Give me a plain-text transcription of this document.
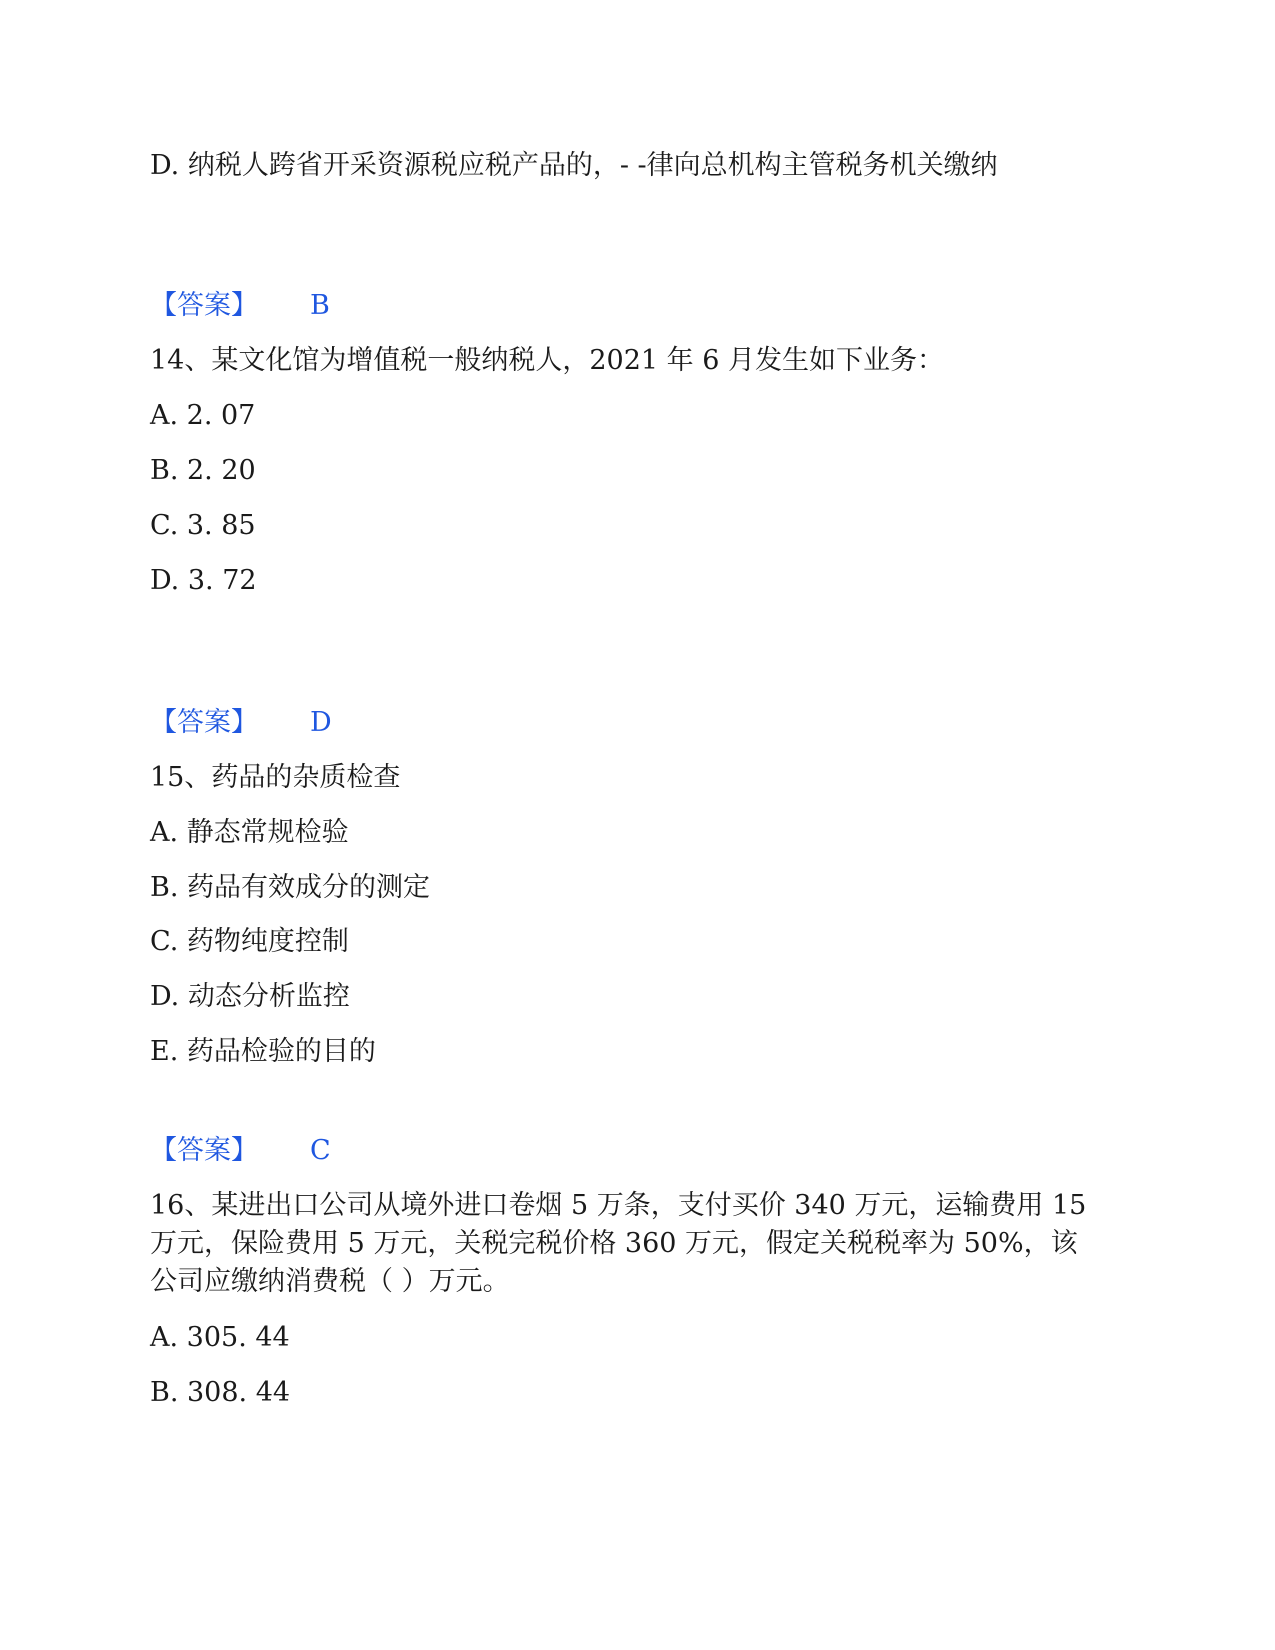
D. 纳税人跨省开采资源税应税产品的，- -律向总机构主管税务机关缴纳
【答案】 B
14、某文化馆为增值税一般纳税人，2021 年 6 月发生如下业务：
A. 2. 07
B. 2. 20
C. 3. 85
D. 3. 72
【答案】 D
15、药品的杂质检查
A. 静态常规检验
B. 药品有效成分的测定
C. 药物纯度控制
D. 动态分析监控
E. 药品检验的目的
【答案】 C
16、某进出口公司从境外进口卷烟 5 万条，支付买价 340 万元，运输费用 15
万元，保险费用 5 万元，关税完税价格 360 万元，假定关税税率为 50%，该
公司应缴纳消费税（ ）万元。
A. 305. 44
B. 308. 44
